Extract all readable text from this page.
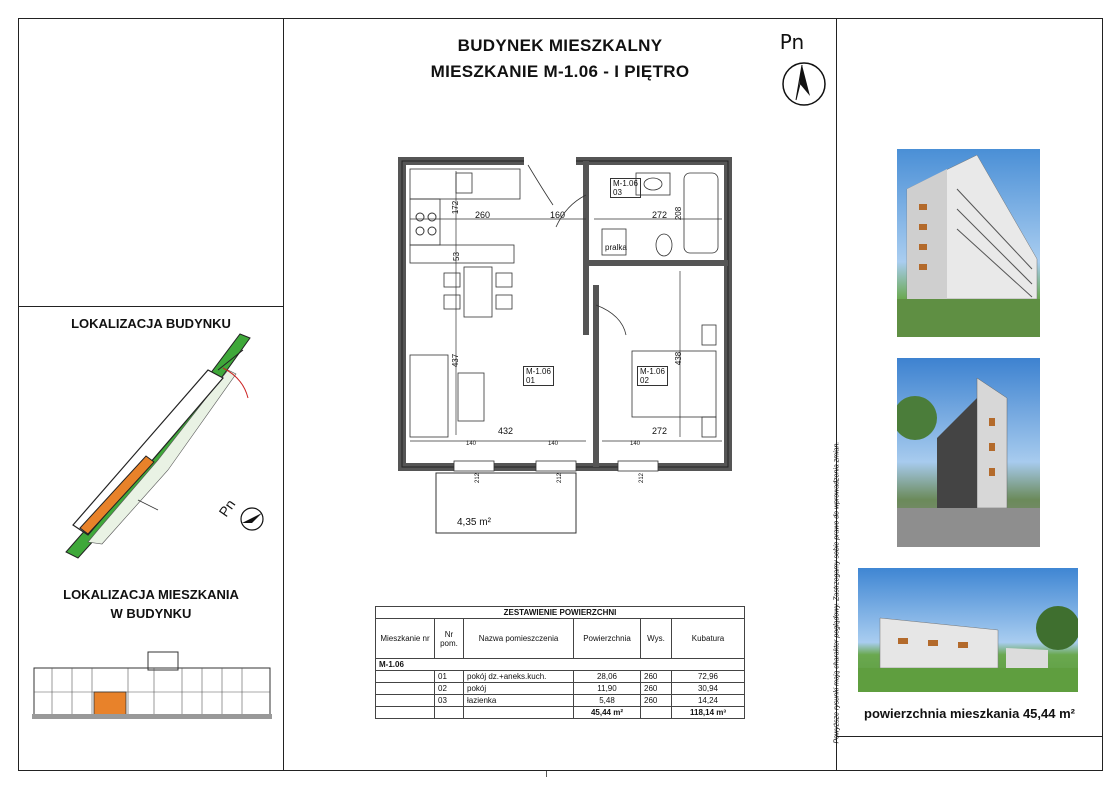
BUDYNEK MIESZKALNY
MIESZKANIE M-1.06 - I PIĘTRO
Pn
LOKALIZACJA BUDYNKU
Pn
LOKALIZACJA MIESZKANIA
W BUDYNKU
M-1.06
01
M-1.06
02
M-1.06
03
pralka
172
260	160	272 208
53
437
432	272
438
140	140	140
212	212	212
4,35 m²
ZESTAWIENIE POWIERZCHNI					
Mieszkanie nr	Nr pom.	Nazwa pomieszczenia	Powierzchnia	Wys.	Kubatura
M-1.06					
	01	pokój dz.+aneks.kuch.	28,06	260	72,96
	02	pokój	11,90	260	30,94
	03	łazienka	5,48	260	14,24
			45,44 m²		118,14 m³	Powyższe rysunki mają charakter poglądowy. Zastrzegamy sobie prawo do wprowadzenia zmian.	powierzchnia mieszkania 45,44 m²
